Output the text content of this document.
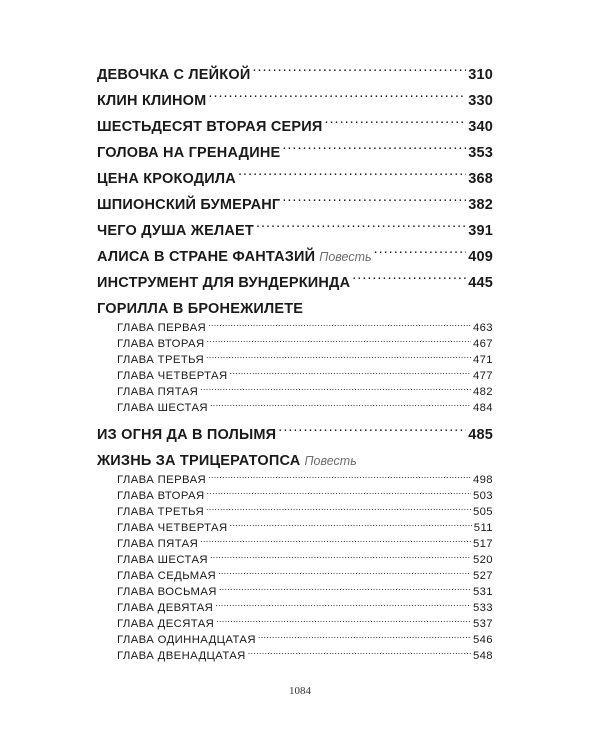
ДЕВОЧКА С ЛЕЙКОЙ .....	310
КЛИН КЛИНОМ .....	330
ШЕСТЬДЕСЯТ ВТОРАЯ СЕРИЯ .....	340
ГОЛОВА НА ГРЕНАДИНЕ .....	353
ЦЕНА КРОКОДИЛА .....	368
ШПИОНСКИЙ БУМЕРАНГ .....	382
ЧЕГО ДУША ЖЕЛАЕТ .....	391
АЛИСА В СТРАНЕ ФАНТАЗИЙ Повесть .....	409
ИНСТРУМЕНТ ДЛЯ ВУНДЕРКИНДА .....	445
ГОРИЛЛА В БРОНЕЖИЛЕТЕ
ГЛАВА ПЕРВАЯ .....	463
ГЛАВА ВТОРАЯ .....	467
ГЛАВА ТРЕТЬЯ .....	471
ГЛАВА ЧЕТВЕРТАЯ .....	477
ГЛАВА ПЯТАЯ .....	482
ГЛАВА ШЕСТАЯ .....	484
ИЗ ОГНЯ ДА В ПОЛЫМЯ .....	485
ЖИЗНЬ ЗА ТРИЦЕРАТОПСА Повесть
ГЛАВА ПЕРВАЯ .....	498
ГЛАВА ВТОРАЯ .....	503
ГЛАВА ТРЕТЬЯ .....	505
ГЛАВА ЧЕТВЕРТАЯ .....	511
ГЛАВА ПЯТАЯ .....	517
ГЛАВА ШЕСТАЯ .....	520
ГЛАВА СЕДЬМАЯ .....	527
ГЛАВА ВОСЬМАЯ .....	531
ГЛАВА ДЕВЯТАЯ .....	533
ГЛАВА ДЕСЯТАЯ .....	537
ГЛАВА ОДИННАДЦАТАЯ .....	546
ГЛАВА ДВЕНАДЦАТАЯ .....	548
1084
